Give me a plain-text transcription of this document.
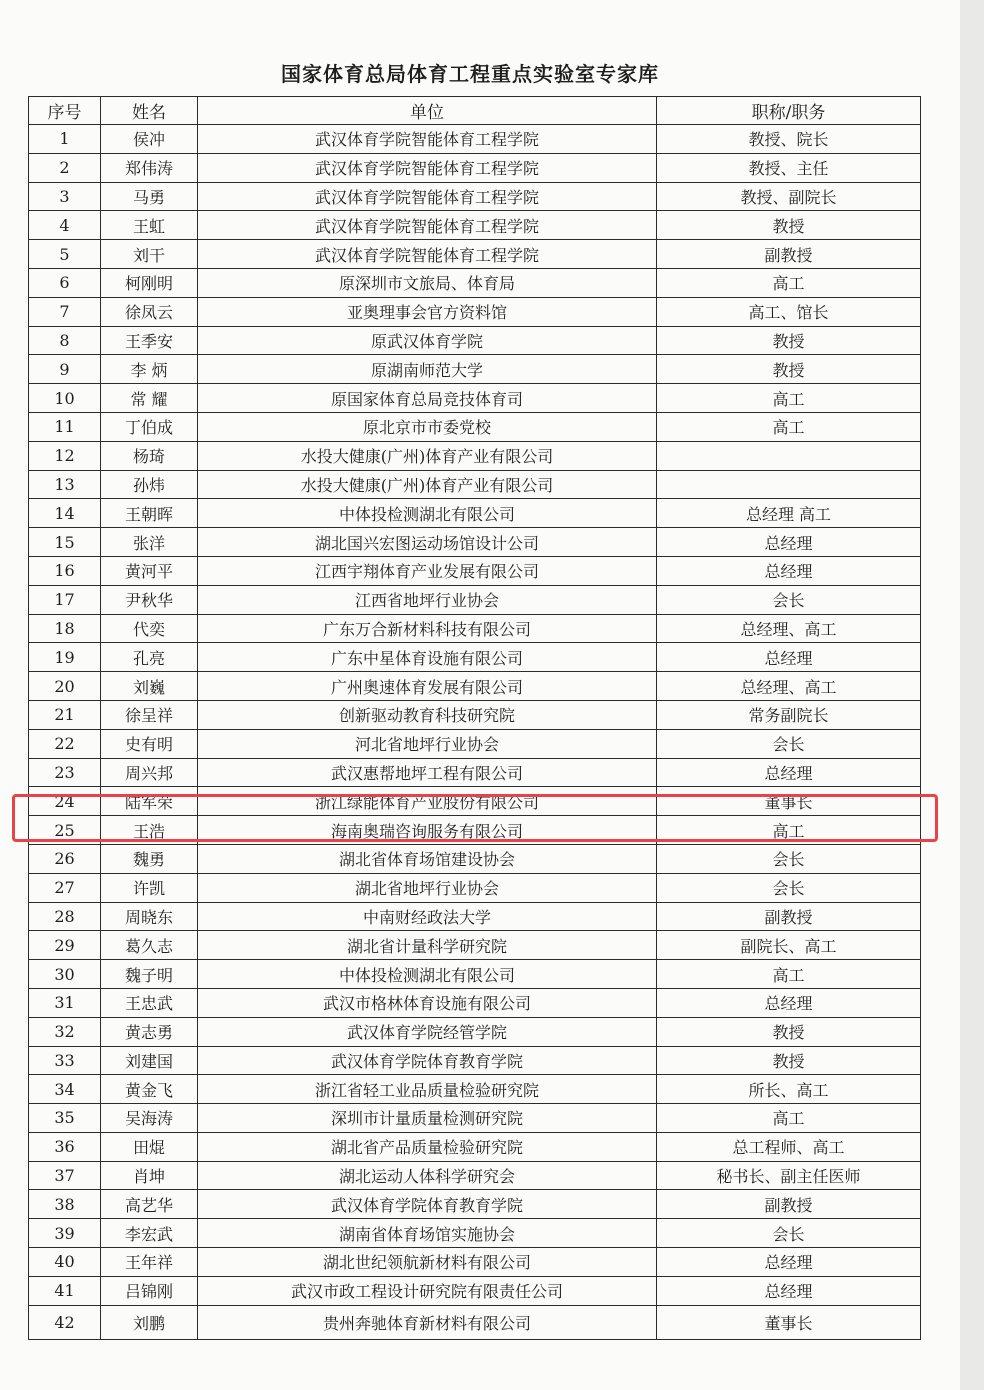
国家体育总局体育工程重点实验室专家库
序号	姓名	单位	职称/职务
1	侯冲	武汉体育学院智能体育工程学院	教授、院长
2	郑伟涛	武汉体育学院智能体育工程学院	教授、主任
3	马勇	武汉体育学院智能体育工程学院	教授、副院长
4	王虹	武汉体育学院智能体育工程学院	教授
5	刘干	武汉体育学院智能体育工程学院	副教授
6	柯刚明	原深圳市文旅局、体育局	高工
7	徐凤云	亚奥理事会官方资料馆	高工、馆长
8	王季安	原武汉体育学院	教授
9	李 炳	原湖南师范大学	教授
10	常 耀	原国家体育总局竞技体育司	高工
11	丁伯成	原北京市市委党校	高工
12	杨琦	水投大健康(广州)体育产业有限公司	
13	孙炜	水投大健康(广州)体育产业有限公司	
14	王朝晖	中体投检测湖北有限公司	总经理 高工
15	张洋	湖北国兴宏图运动场馆设计公司	总经理
16	黄河平	江西宇翔体育产业发展有限公司	总经理
17	尹秋华	江西省地坪行业协会	会长
18	代奕	广东万合新材料科技有限公司	总经理、高工
19	孔亮	广东中星体育设施有限公司	总经理
20	刘巍	广州奥速体育发展有限公司	总经理、高工
21	徐呈祥	创新驱动教育科技研究院	常务副院长
22	史有明	河北省地坪行业协会	会长
23	周兴邦	武汉惠帮地坪工程有限公司	总经理
24	陆军荣	浙江绿能体育产业股份有限公司	董事长
25	王浩	海南奥瑞咨询服务有限公司	高工
26	魏勇	湖北省体育场馆建设协会	会长
27	许凯	湖北省地坪行业协会	会长
28	周晓东	中南财经政法大学	副教授
29	葛久志	湖北省计量科学研究院	副院长、高工
30	魏子明	中体投检测湖北有限公司	高工
31	王忠武	武汉市格林体育设施有限公司	总经理
32	黄志勇	武汉体育学院经管学院	教授
33	刘建国	武汉体育学院体育教育学院	教授
34	黄金飞	浙江省轻工业品质量检验研究院	所长、高工
35	吴海涛	深圳市计量质量检测研究院	高工
36	田焜	湖北省产品质量检验研究院	总工程师、高工
37	肖坤	湖北运动人体科学研究会	秘书长、副主任医师
38	高艺华	武汉体育学院体育教育学院	副教授
39	李宏武	湖南省体育场馆实施协会	会长
40	王年祥	湖北世纪领航新材料有限公司	总经理
41	吕锦刚	武汉市政工程设计研究院有限责任公司	总经理
42	刘鹏	贵州奔驰体育新材料有限公司	董事长
